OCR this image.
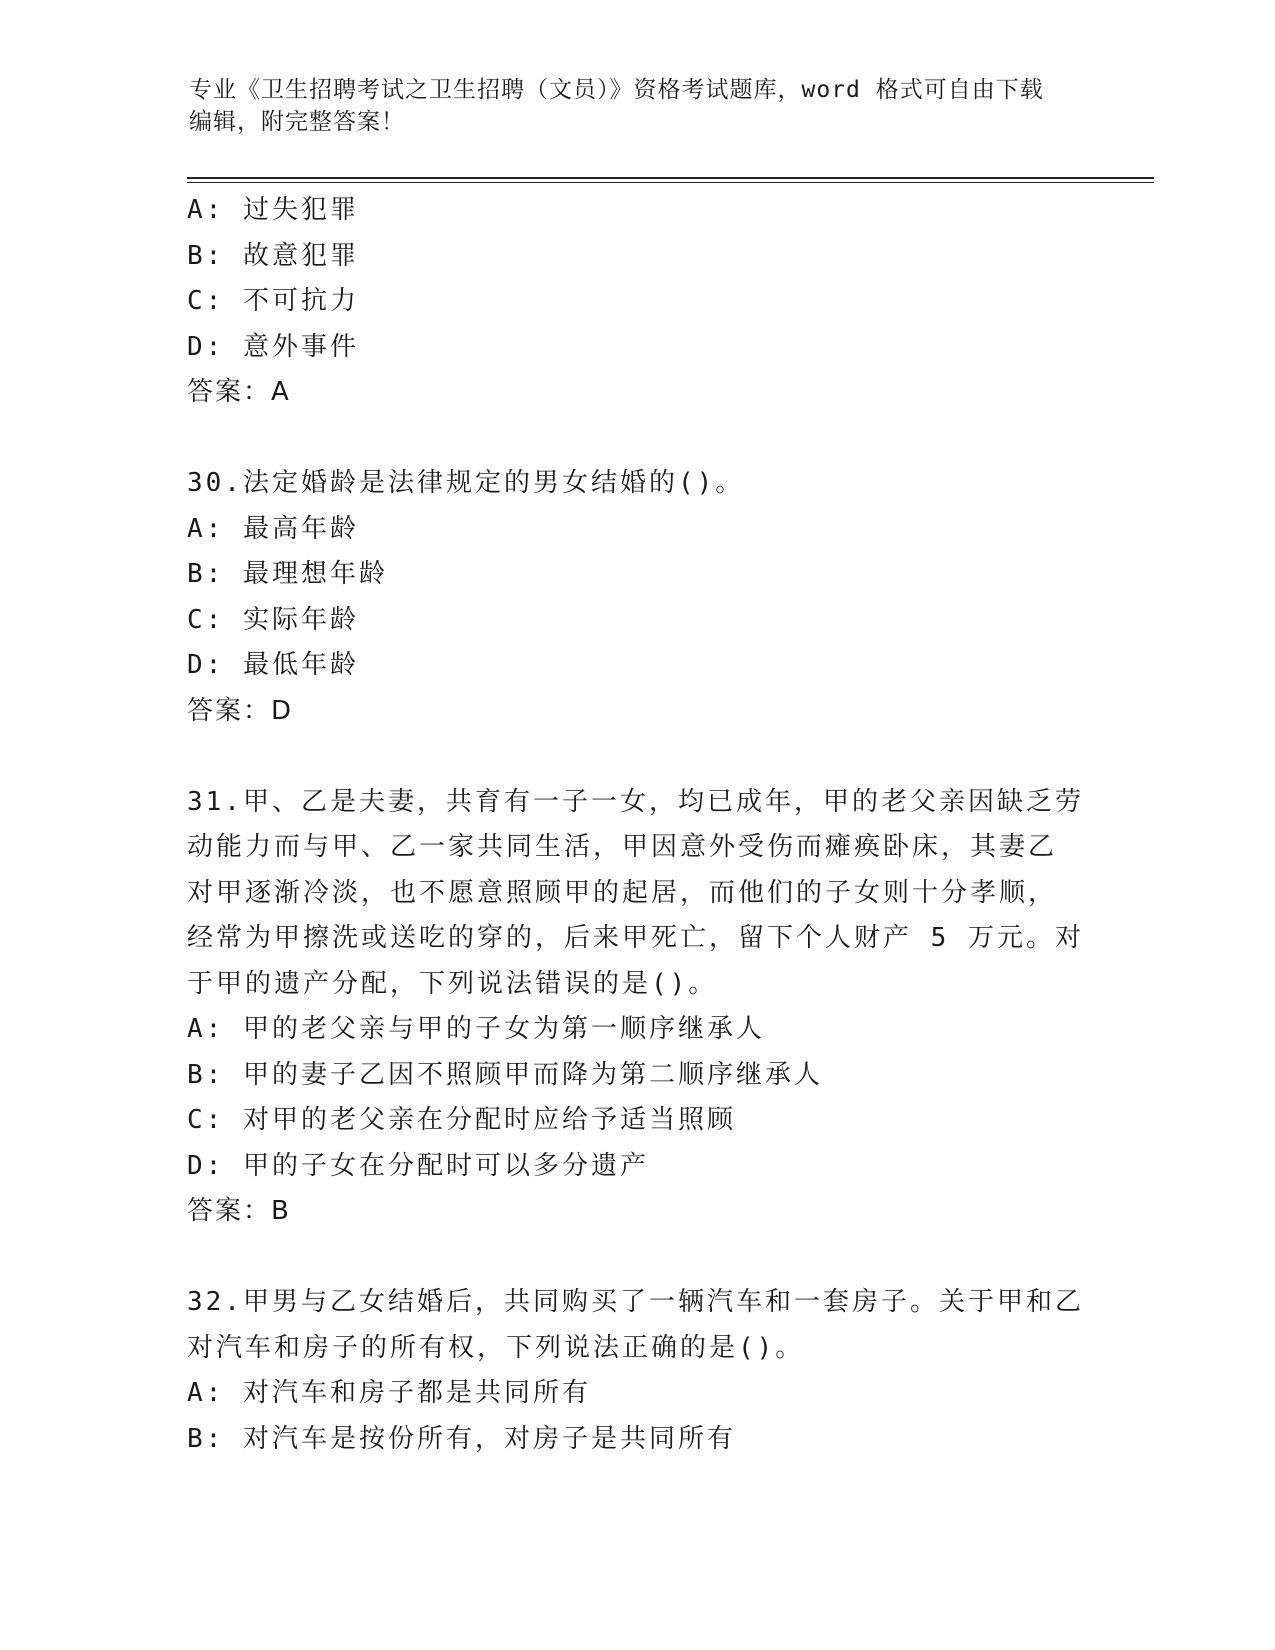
专业《卫生招聘考试之卫生招聘（文员）》资格考试题库，word 格式可自由下载
编辑，附完整答案！
A: 过失犯罪
B: 故意犯罪
C: 不可抗力
D: 意外事件
答案：A
30.法定婚龄是法律规定的男女结婚的()。
A: 最高年龄
B: 最理想年龄
C: 实际年龄
D: 最低年龄
答案：D
31.甲、乙是夫妻，共育有一子一女，均已成年，甲的老父亲因缺乏劳
动能力而与甲、乙一家共同生活，甲因意外受伤而瘫痪卧床，其妻乙
对甲逐渐冷淡，也不愿意照顾甲的起居，而他们的子女则十分孝顺，
经常为甲擦洗或送吃的穿的，后来甲死亡，留下个人财产 5 万元。对
于甲的遗产分配，下列说法错误的是()。
A: 甲的老父亲与甲的子女为第一顺序继承人
B: 甲的妻子乙因不照顾甲而降为第二顺序继承人
C: 对甲的老父亲在分配时应给予适当照顾
D: 甲的子女在分配时可以多分遗产
答案：B
32.甲男与乙女结婚后，共同购买了一辆汽车和一套房子。关于甲和乙
对汽车和房子的所有权，下列说法正确的是()。
A: 对汽车和房子都是共同所有
B: 对汽车是按份所有，对房子是共同所有
